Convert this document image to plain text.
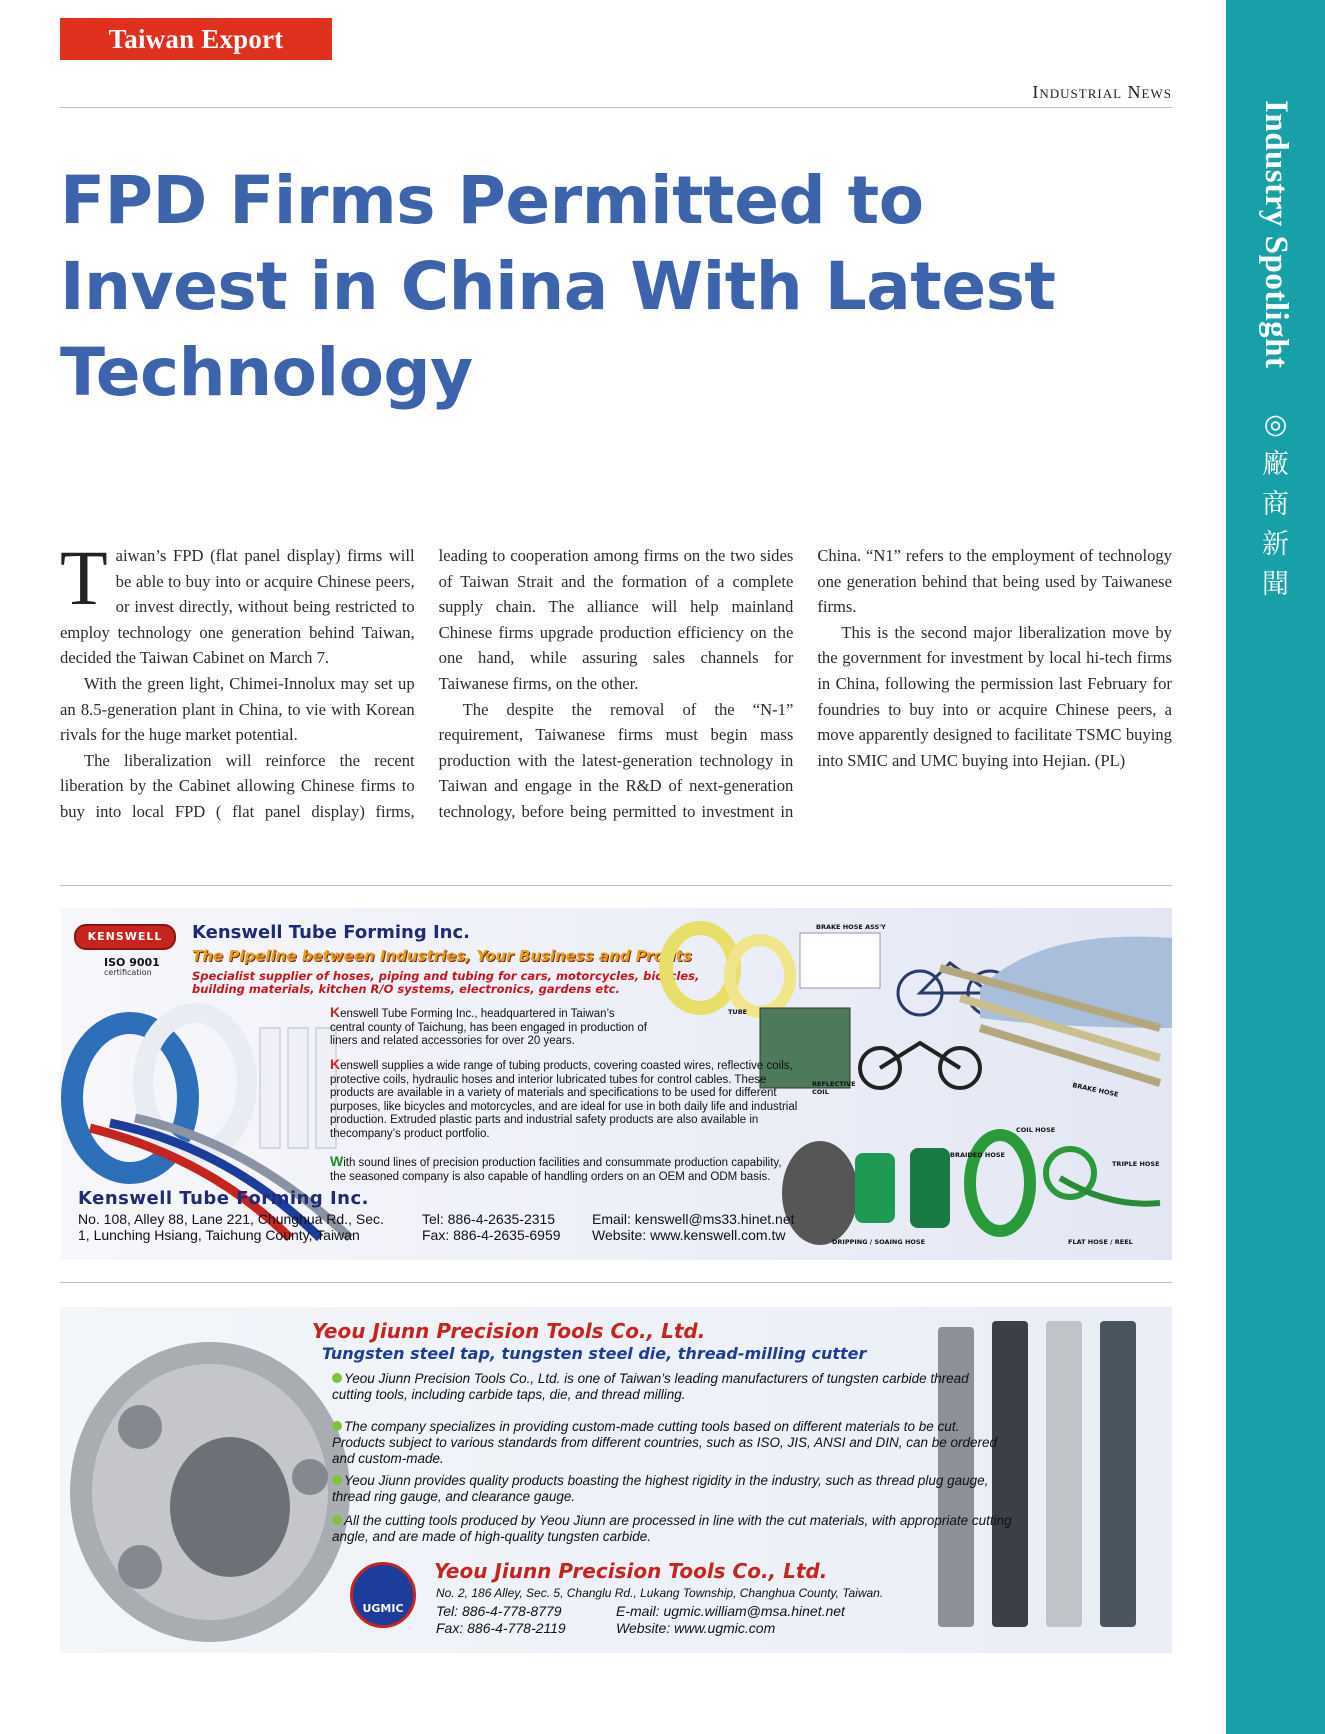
Taiwan Export Express
Industry Spotlight
◎
廠
商
新
聞
Industrial News
FPD Firms Permitted to Invest in China With Latest Technology

Taiwan’s FPD (flat panel display) firms will be able to buy into or acquire Chinese peers, or invest directly, without being restricted to employ technology one generation behind Taiwan, decided the Taiwan Cabinet on March 7.

With the green light, Chimei-Innolux may set up an 8.5-generation plant in China, to vie with Korean rivals for the huge market potential.

The liberalization will reinforce the recent liberation by the Cabinet allowing Chinese firms to buy into local FPD ( flat panel display) firms, leading to cooperation among firms on the two sides of Taiwan Strait and the formation of a complete supply chain. The alliance will help mainland Chinese firms upgrade production efficiency on the one hand, while assuring sales channels for Taiwanese firms, on the other.

The despite the removal of the “N-1” requirement, Taiwanese firms must begin mass production with the latest-generation technology in Taiwan and engage in the R&D of next-generation technology, before being permitted to investment in China. “N1” refers to the employment of technology one generation behind that being used by Taiwanese firms.

This is the second major liberalization move by the government for investment by local hi-tech firms in China, following the permission last February for foundries to buy into or acquire Chinese peers, a move apparently designed to facilitate TSMC buying into SMIC and UMC buying into Hejian. (PL)

KENSWELL
ISO 9001
certification
Kenswell Tube Forming Inc.
The Pipeline between Industries, Your Business and Profits
Specialist supplier of hoses, piping and tubing for cars, motorcycles, bicycles, building materials, kitchen R/O systems, electronics, gardens etc.
Kenswell Tube Forming Inc., headquartered in Taiwan’s central county of Taichung, has been engaged in production of liners and related accessories for over 20 years.
Kenswell supplies a wide range of tubing products, covering coasted wires, reflective coils, protective coils, hydraulic hoses and interior lubricated tubes for control cables. These products are available in a variety of materials and specifications to be used for different purposes, like bicycles and motorcycles, and are ideal for use in both daily life and industrial production. Extruded plastic parts and industrial safety products are also available in thecompany’s product portfolio.
With sound lines of precision production facilities and consummate production capability, the seasoned company is also capable of handling orders on an OEM and ODM basis.
BRAKE HOSE ASS'Y
TUBE
REFLECTIVE COIL	BRAKE HOSE
COIL HOSE
BRAIDED HOSE
TRIPLE HOSE
DRIPPING / SOAING HOSE	FLAT HOSE / REEL
Kenswell Tube Forming Inc.
No. 108, Alley 88, Lane 221, Chunghua Rd., Sec.
1, Lunching Hsiang, Taichung County, Taiwan
Tel: 886-4-2635-2315
Fax: 886-4-2635-6959
Email: kenswell@ms33.hinet.net
Website: www.kenswell.com.tw
Yeou Jiunn Precision Tools Co., Ltd.
Tungsten steel tap, tungsten steel die, thread-milling cutter
Yeou Jiunn Precision Tools Co., Ltd. is one of Taiwan’s leading manufacturers of tungsten carbide thread cutting tools, including carbide taps, die, and thread milling.
The company specializes in providing custom-made cutting tools based on different materials to be cut. Products subject to various standards from different countries, such as ISO, JIS, ANSI and DIN, can be ordered and custom-made.
Yeou Jiunn provides quality products boasting the highest rigidity in the industry, such as thread plug gauge, thread ring gauge, and clearance gauge.
All the cutting tools produced by Yeou Jiunn are processed in line with the cut materials, with appropriate cutting angle, and are made of high-quality tungsten carbide.
UGMIC
Yeou Jiunn Precision Tools Co., Ltd.
No. 2, 186 Alley, Sec. 5, Changlu Rd., Lukang Township, Changhua County, Taiwan.
Tel: 886-4-778-8779
Fax: 886-4-778-2119
E-mail: ugmic.william@msa.hinet.net
Website: www.ugmic.com
